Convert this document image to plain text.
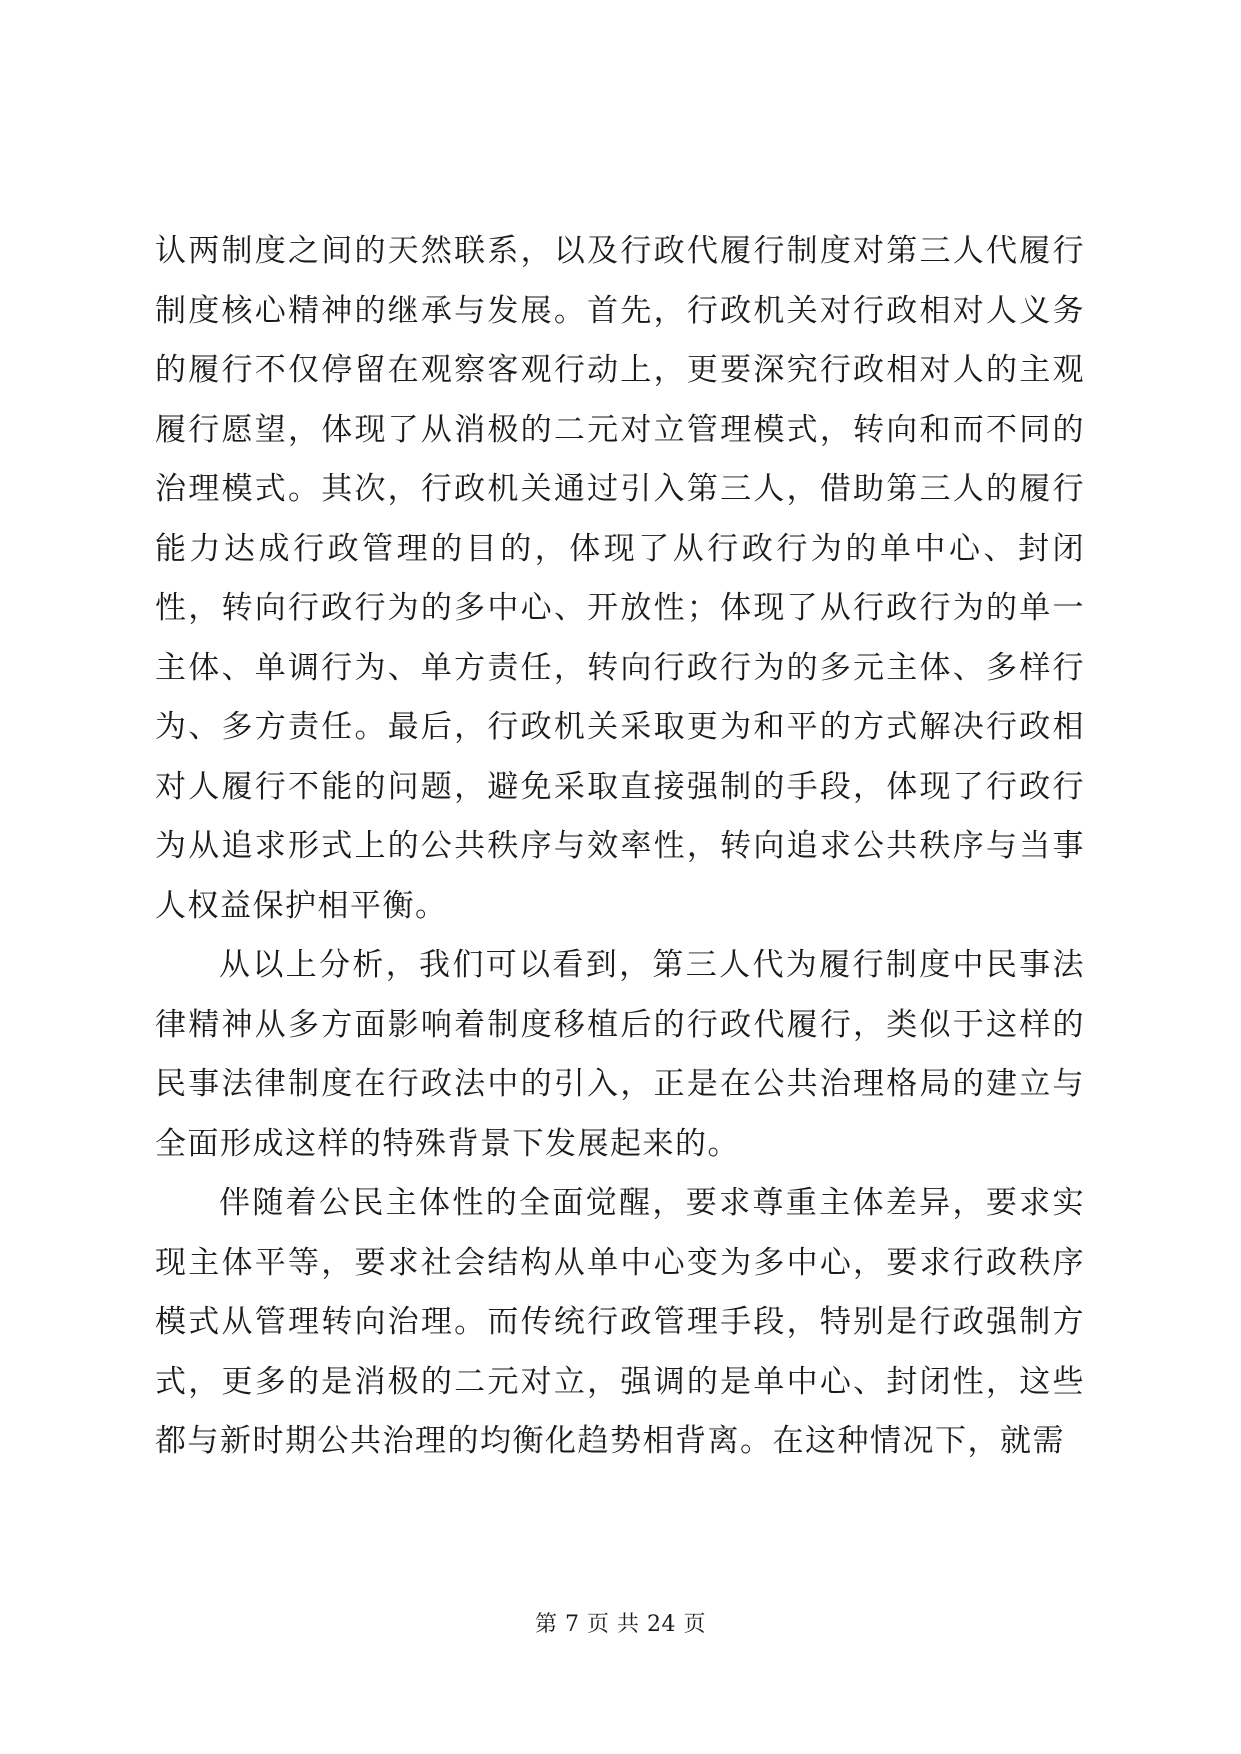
认两制度之间的天然联系，以及行政代履行制度对第三人代履行制度核心精神的继承与发展。首先，行政机关对行政相对人义务的履行不仅停留在观察客观行动上，更要深究行政相对人的主观履行愿望，体现了从消极的二元对立管理模式，转向和而不同的治理模式。其次，行政机关通过引入第三人，借助第三人的履行能力达成行政管理的目的，体现了从行政行为的单中心、封闭性，转向行政行为的多中心、开放性；体现了从行政行为的单一主体、单调行为、单方责任，转向行政行为的多元主体、多样行为、多方责任。最后，行政机关采取更为和平的方式解决行政相对人履行不能的问题，避免采取直接强制的手段，体现了行政行为从追求形式上的公共秩序与效率性，转向追求公共秩序与当事人权益保护相平衡。

从以上分析，我们可以看到，第三人代为履行制度中民事法律精神从多方面影响着制度移植后的行政代履行，类似于这样的民事法律制度在行政法中的引入，正是在公共治理格局的建立与全面形成这样的特殊背景下发展起来的。

伴随着公民主体性的全面觉醒，要求尊重主体差异，要求实现主体平等，要求社会结构从单中心变为多中心，要求行政秩序模式从管理转向治理。而传统行政管理手段，特别是行政强制方式，更多的是消极的二元对立，强调的是单中心、封闭性，这些都与新时期公共治理的均衡化趋势相背离。在这种情况下，就需

第 7 页 共 24 页
